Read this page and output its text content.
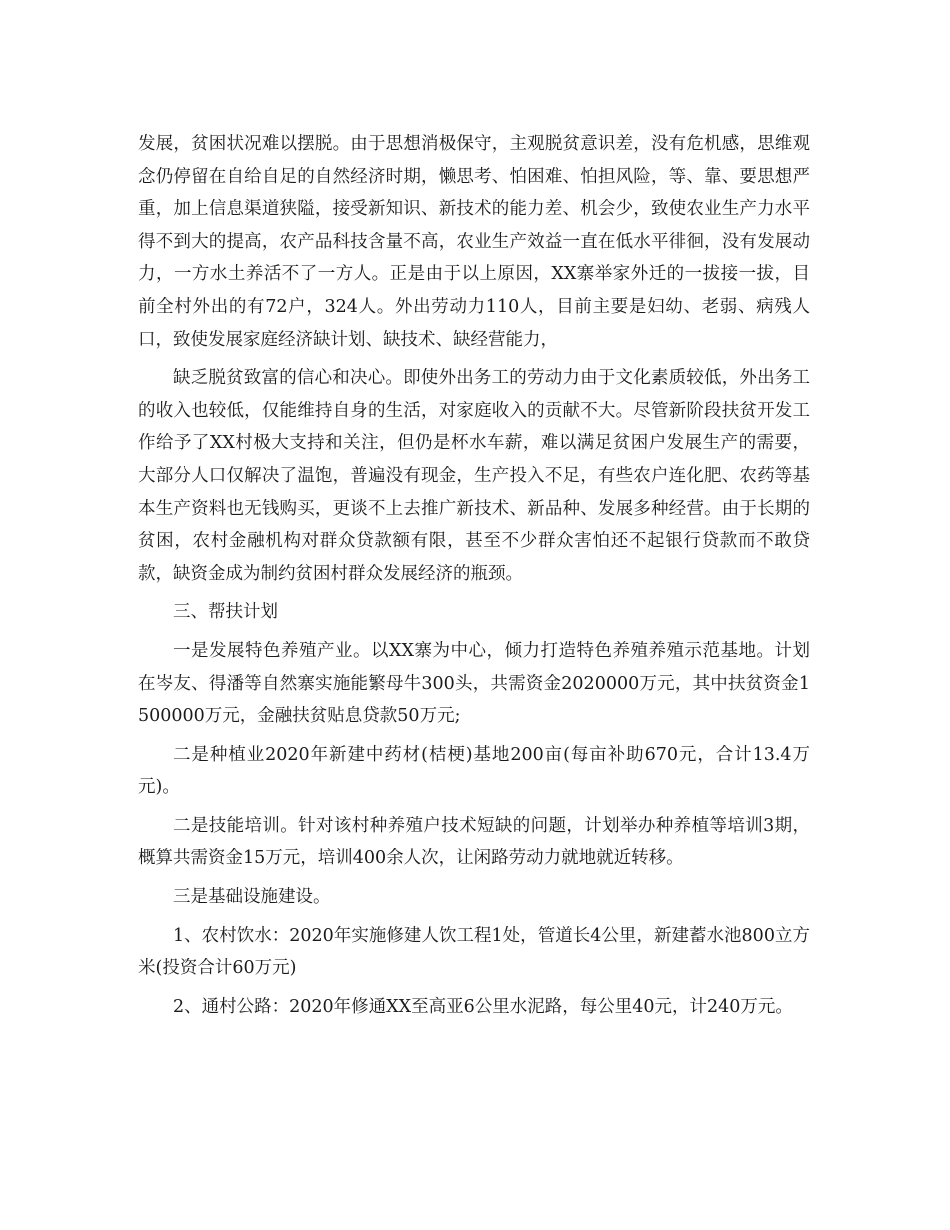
发展，贫困状况难以摆脱。由于思想消极保守，主观脱贫意识差，没有危机感，思维观念仍停留在自给自足的自然经济时期，懒思考、怕困难、怕担风险，等、靠、要思想严重，加上信息渠道狭隘，接受新知识、新技术的能力差、机会少，致使农业生产力水平得不到大的提高，农产品科技含量不高，农业生产效益一直在低水平徘徊，没有发展动力，一方水土养活不了一方人。正是由于以上原因，XX寨举家外迁的一拔接一拔，目前全村外出的有72户，324人。外出劳动力110人，目前主要是妇幼、老弱、病残人口，致使发展家庭经济缺计划、缺技术、缺经营能力，

缺乏脱贫致富的信心和决心。即使外出务工的劳动力由于文化素质较低，外出务工的收入也较低，仅能维持自身的生活，对家庭收入的贡献不大。尽管新阶段扶贫开发工作给予了XX村极大支持和关注，但仍是杯水车薪，难以满足贫困户发展生产的需要，大部分人口仅解决了温饱，普遍没有现金，生产投入不足，有些农户连化肥、农药等基本生产资料也无钱购买，更谈不上去推广新技术、新品种、发展多种经营。由于长期的贫困，农村金融机构对群众贷款额有限，甚至不少群众害怕还不起银行贷款而不敢贷款，缺资金成为制约贫困村群众发展经济的瓶颈。

三、帮扶计划

一是发展特色养殖产业。以XX寨为中心，倾力打造特色养殖养殖示范基地。计划在岑友、得潘等自然寨实施能繁母牛300头，共需资金2020000万元，其中扶贫资金1500000万元，金融扶贫贴息贷款50万元;

二是种植业2020年新建中药材(桔梗)基地200亩(每亩补助670元，合计13.4万元)。

二是技能培训。针对该村种养殖户技术短缺的问题，计划举办种养植等培训3期，概算共需资金15万元，培训400余人次，让闲路劳动力就地就近转移。

三是基础设施建设。

1、农村饮水：2020年实施修建人饮工程1处，管道长4公里，新建蓄水池800立方米(投资合计60万元)

2、通村公路：2020年修通XX至高亚6公里水泥路，每公里40元，计240万元。
